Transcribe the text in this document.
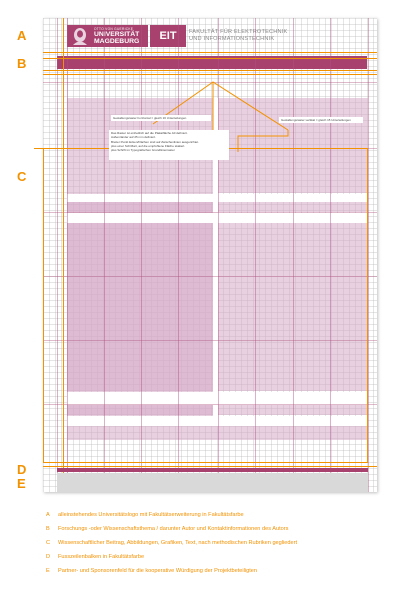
A
B
C
D
E
OTTO VON GUERICKE
UNIVERSITÄT
MAGDEBURG	EIT	FAKULTÄT FÜR ELEKTROTECHNIK
UND INFORMATIONSTECHNIK
Gestaltungsraster horizontal = gleich 16 Unterteilungen	Gestaltungsraster vertikal = gleich 15 Unterteilungen
Das Raster ist einheitlich auf die Plakatfläche A0 definiert.
Außenränder auf 25 mm definiert.
Breiter Punkt Ecken/Flächen sind auf Zwischenlinien ausgerichtet.
plus einer Schriftart, auf die empfohlene Fläche skaliert.
plus Schrift im Typografischen Grundlinienraster
A alleinstehendes Universitätslogo mit Fakultätserweiterung in Fakultätsfarbe
B Forschungs -oder Wissenschaftsthema / darunter Autor und Kontaktinformationen des Autors
C Wissenschaftlicher Beitrag, Abbildungen, Grafiken, Text, nach methodischen Rubriken gegliedert
D Fusszeilenbalken in Fakultätsfarbe
E Partner- und Sponsorenfeld für die kooperative Würdigung der Projektbeteiligten
